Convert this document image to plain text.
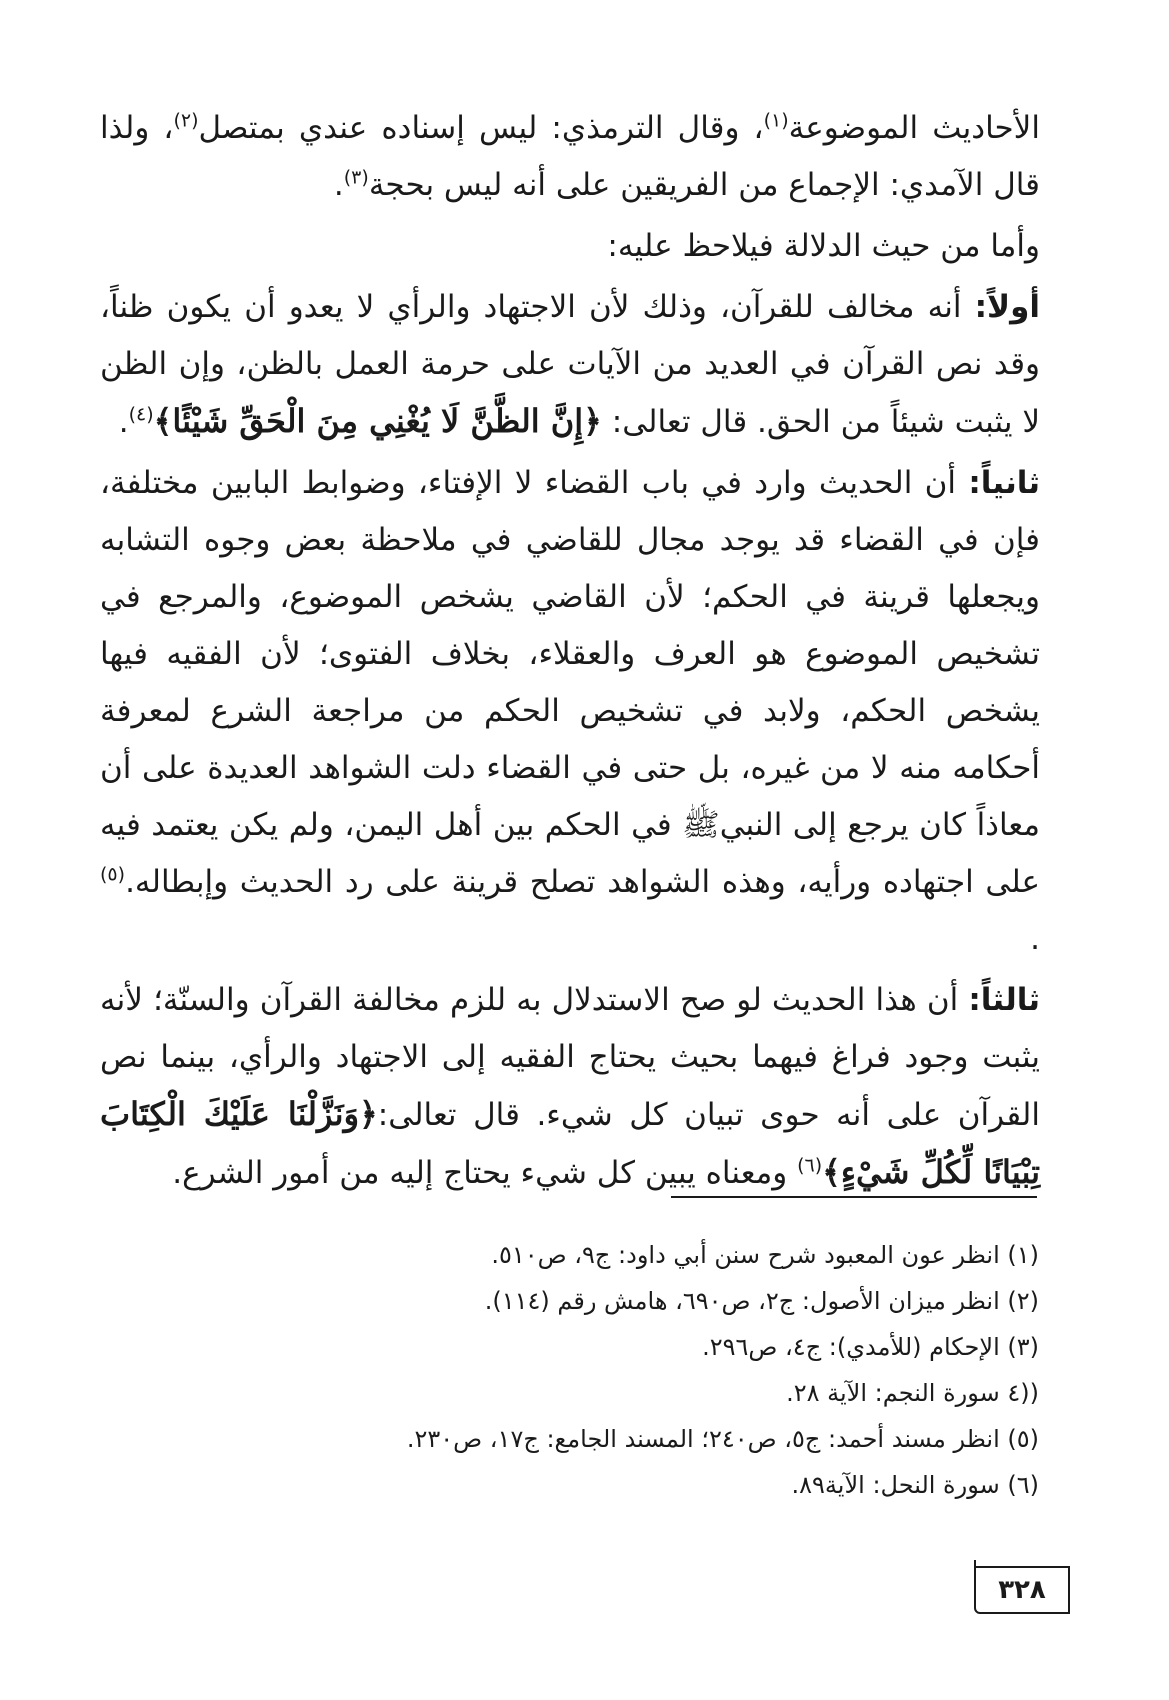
الأحاديث الموضوعة$^{(١)}$، وقال الترمذي: ليس إسناده عندي بمتصل$^{(٢)}$، ولذا قال الآمدي: الإجماع من الفريقين على أنه ليس بحجة$^{(٣)}$.

وأما من حيث الدلالة فيلاحظ عليه:

أولاً: أنه مخالف للقرآن، وذلك لأن الاجتهاد والرأي لا يعدو أن يكون ظناً، وقد نص القرآن في العديد من الآيات على حرمة العمل بالظن، وإن الظن لا يثبت شيئاً من الحق. قال تعالى: ﴿إِنَّ الظَّنَّ لَا يُغْنِي مِنَ الْحَقِّ شَيْئًا﴾$^{(٤)}$.

ثانياً: أن الحديث وارد في باب القضاء لا الإفتاء، وضوابط البابين مختلفة، فإن في القضاء قد يوجد مجال للقاضي في ملاحظة بعض وجوه التشابه ويجعلها قرينة في الحكم؛ لأن القاضي يشخص الموضوع، والمرجع في تشخيص الموضوع هو العرف والعقلاء، بخلاف الفتوى؛ لأن الفقيه فيها يشخص الحكم، ولابد في تشخيص الحكم من مراجعة الشرع لمعرفة أحكامه منه لا من غيره، بل حتى في القضاء دلت الشواهد العديدة على أن معاذاً كان يرجع إلى النبيﷺ في الحكم بين أهل اليمن، ولم يكن يعتمد فيه على اجتهاده ورأيه، وهذه الشواهد تصلح قرينة على رد الحديث وإبطاله.$^{(٥)}$ .

ثالثاً: أن هذا الحديث لو صح الاستدلال به للزم مخالفة القرآن والسنّة؛ لأنه يثبت وجود فراغ فيهما بحيث يحتاج الفقيه إلى الاجتهاد والرأي، بينما نص القرآن على أنه حوى تبيان كل شيء. قال تعالى:﴿وَنَزَّلْنَا عَلَيْكَ الْكِتَابَ تِبْيَانًا لِّكُلِّ شَيْءٍ﴾$^{(٦)}$ ومعناه يبين كل شيء يحتاج إليه من أمور الشرع.

(١) انظر عون المعبود شرح سنن أبي داود: ج٩، ص٥١٠.
(٢) انظر ميزان الأصول: ج٢، ص٦٩٠، هامش رقم (١١٤).
(٣) الإحكام (للأمدي): ج٤، ص٢٩٦.
((٤ سورة النجم: الآية ٢٨.
(٥) انظر مسند أحمد: ج٥، ص٢٤٠؛ المسند الجامع: ج١٧، ص٢٣٠.
(٦) سورة النحل: الآية٨٩.
٣٢٨
